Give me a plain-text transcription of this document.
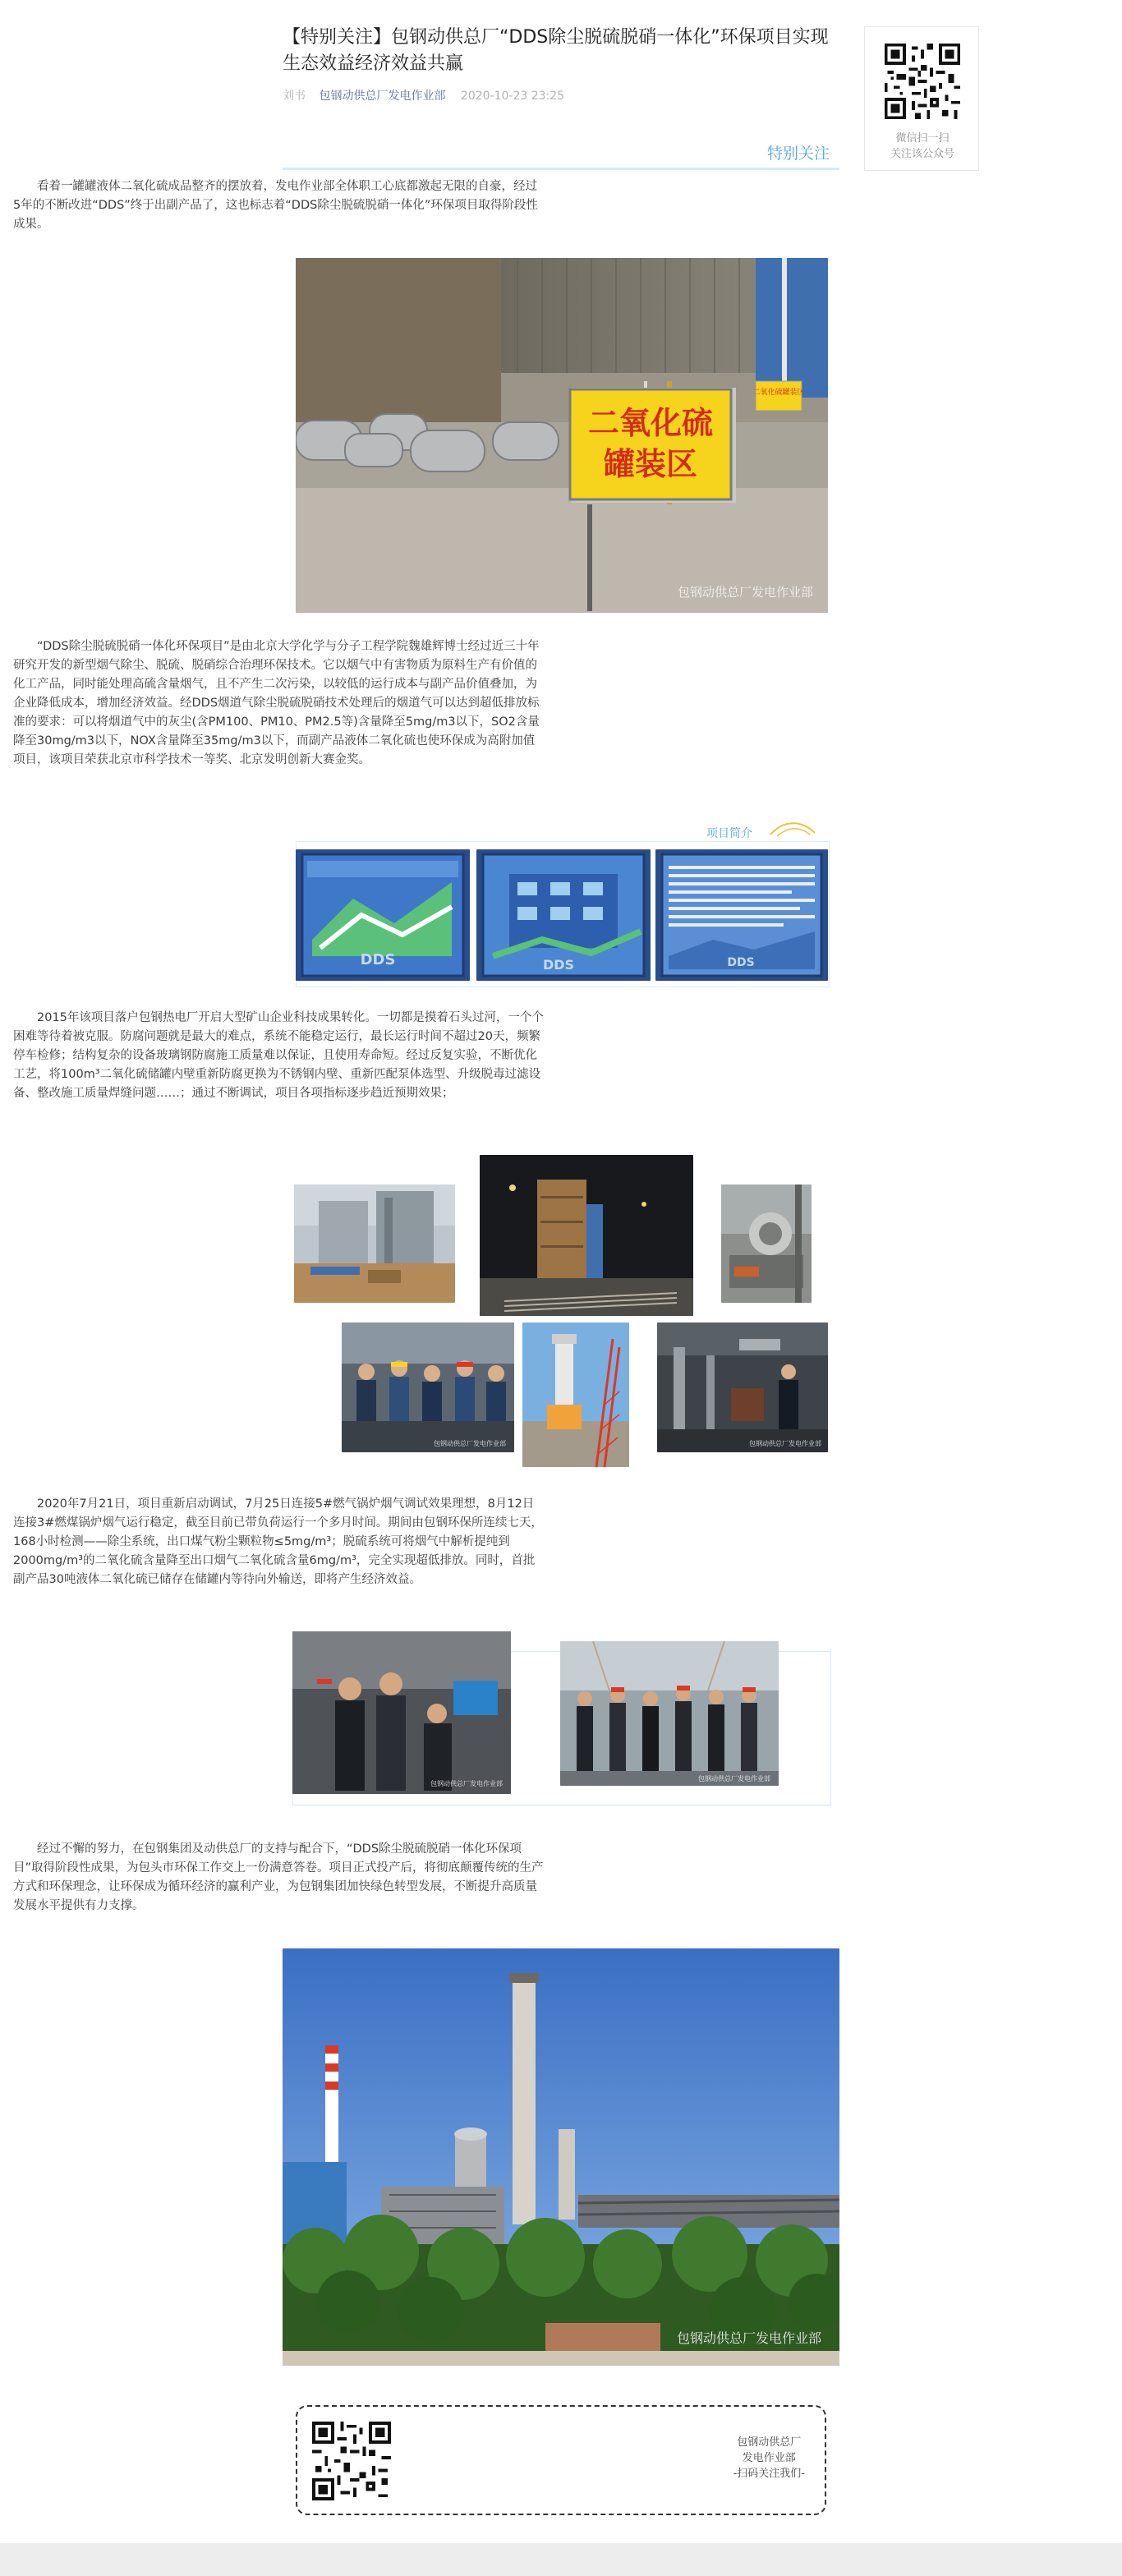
【特别关注】包钢动供总厂“DDS除尘脱硫脱硝一体化”环保项目实现生态效益经济效益共赢
刘书 包钢动供总厂发电作业部 2020-10-23 23:25
特别关注
微信扫一扫
关注该公众号

看着一罐罐液体二氧化硫成品整齐的摆放着，发电作业部全体职工心底都激起无限的自豪，经过5年的不断改进“DDS”终于出副产品了，这也标志着“DDS除尘脱硫脱硝一体化”环保项目取得阶段性成果。

二氧化硫
罐装区
二氧化硫罐装区
包钢动供总厂发电作业部

“DDS除尘脱硫脱硝一体化环保项目”是由北京大学化学与分子工程学院魏雄辉博士经过近三十年研究开发的新型烟气除尘、脱硫、脱硝综合治理环保技术。它以烟气中有害物质为原料生产有价值的化工产品，同时能处理高硫含量烟气，且不产生二次污染，以较低的运行成本与副产品价值叠加，为企业降低成本，增加经济效益。经DDS烟道气除尘脱硫脱硝技术处理后的烟道气可以达到超低排放标准的要求：可以将烟道气中的灰尘(含PM100、PM10、PM2.5等)含量降至5mg/m3以下，SO2含量降至30mg/m3以下，NOX含量降至35mg/m3以下，而副产品液体二氧化硫也使环保成为高附加值项目，该项目荣获北京市科学技术一等奖、北京发明创新大赛金奖。

项目简介
DDS	DDS	DDS

2015年该项目落户包钢热电厂开启大型矿山企业科技成果转化。一切都是摸着石头过河，一个个困难等待着被克服。防腐问题就是最大的难点，系统不能稳定运行，最长运行时间不超过20天，频繁停车检修；结构复杂的设备玻璃钢防腐施工质量难以保证，且使用寿命短。经过反复实验，不断优化工艺，将100m³二氧化硫储罐内壁重新防腐更换为不锈钢内壁、重新匹配泵体选型、升级脱毒过滤设备、整改施工质量焊缝问题……；通过不断调试，项目各项指标逐步趋近预期效果；

包钢动供总厂发电作业部	包钢动供总厂发电作业部

2020年7月21日，项目重新启动调试，7月25日连接5#燃气锅炉烟气调试效果理想，8月12日连接3#燃煤锅炉烟气运行稳定，截至目前已带负荷运行一个多月时间。期间由包钢环保所连续七天，168小时检测——除尘系统，出口煤气粉尘颗粒物≤5mg/m³；脱硫系统可将烟气中解析提纯到2000mg/m³的二氧化硫含量降至出口烟气二氧化硫含量6mg/m³，完全实现超低排放。同时，首批副产品30吨液体二氧化硫已储存在储罐内等待向外输送，即将产生经济效益。

包钢动供总厂发电作业部
包钢动供总厂发电作业部

经过不懈的努力，在包钢集团及动供总厂的支持与配合下，“DDS除尘脱硫脱硝一体化环保项目”取得阶段性成果，为包头市环保工作交上一份满意答卷。项目正式投产后，将彻底颠覆传统的生产方式和环保理念，让环保成为循环经济的赢利产业，为包钢集团加快绿色转型发展，不断提升高质量发展水平提供有力支撑。

包钢动供总厂发电作业部
包钢动供总厂
发电作业部
-扫码关注我们-
